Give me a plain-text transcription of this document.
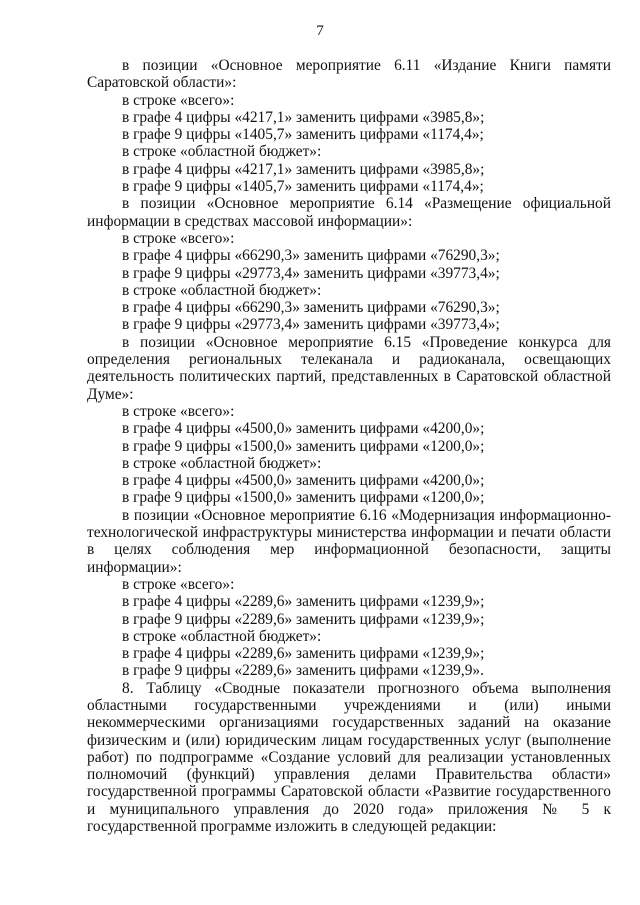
7

в позиции «Основное мероприятие 6.11 «Издание Книги памяти Саратовской области»:

в строке «всего»:

в графе 4 цифры «4217,1» заменить цифрами «3985,8»;

в графе 9 цифры «1405,7» заменить цифрами «1174,4»;

в строке «областной бюджет»:

в графе 4 цифры «4217,1» заменить цифрами «3985,8»;

в графе 9 цифры «1405,7» заменить цифрами «1174,4»;

в позиции «Основное мероприятие 6.14 «Размещение официальной информации в средствах массовой информации»:

в строке «всего»:

в графе 4 цифры «66290,3» заменить цифрами «76290,3»;

в графе 9 цифры «29773,4» заменить цифрами «39773,4»;

в строке «областной бюджет»:

в графе 4 цифры «66290,3» заменить цифрами «76290,3»;

в графе 9 цифры «29773,4» заменить цифрами «39773,4»;

в позиции «Основное мероприятие 6.15 «Проведение конкурса для определения региональных телеканала и радиоканала, освещающих деятельность политических партий, представленных в Саратовской областной Думе»:

в строке «всего»:

в графе 4 цифры «4500,0» заменить цифрами «4200,0»;

в графе 9 цифры «1500,0» заменить цифрами «1200,0»;

в строке «областной бюджет»:

в графе 4 цифры «4500,0» заменить цифрами «4200,0»;

в графе 9 цифры «1500,0» заменить цифрами «1200,0»;

в позиции «Основное мероприятие 6.16 «Модернизация информационно-технологической инфраструктуры министерства информации и печати области в целях соблюдения мер информационной безопасности, защиты информации»:

в строке «всего»:

в графе 4 цифры «2289,6» заменить цифрами «1239,9»;

в графе 9 цифры «2289,6» заменить цифрами «1239,9»;

в строке «областной бюджет»:

в графе 4 цифры «2289,6» заменить цифрами «1239,9»;

в графе 9 цифры «2289,6» заменить цифрами «1239,9».

8. Таблицу «Сводные показатели прогнозного объема выполнения областными государственными учреждениями и (или) иными некоммерческими организациями государственных заданий на оказание физическим и (или) юридическим лицам государственных услуг (выполнение работ) по подпрограмме «Создание условий для реализации установленных полномочий (функций) управления делами Правительства области» государственной программы Саратовской области «Развитие государственного и муниципального управления до 2020 года» приложения № 5 к государственной программе изложить в следующей редакции:
